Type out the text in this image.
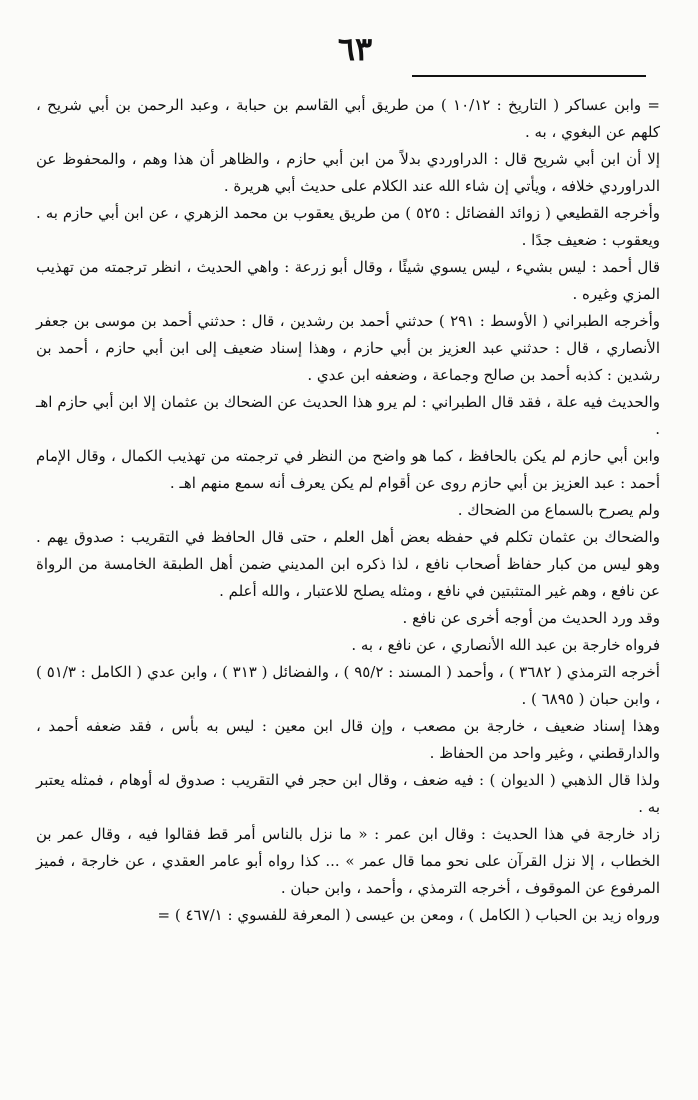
٦٣

= وابن عساكر ( التاريخ : ١٠/١٢ ) من طريق أبي القاسم بن حبابة ، وعبد الرحمن بن أبي شريح ، كلهم عن البغوي ، به .

إلا أن ابن أبي شريح قال : الدراوردي بدلاً من ابن أبي حازم ، والظاهر أن هذا وهم ، والمحفوظ عن الدراوردي خلافه ، ويأتي إن شاء الله عند الكلام على حديث أبي هريرة .

وأخرجه القطيعي ( زوائد الفضائل : ٥٢٥ ) من طريق يعقوب بن محمد الزهري ، عن ابن أبي حازم به . ويعقوب : ضعيف جدًا .

قال أحمد : ليس بشيء ، ليس يسوي شيئًا ، وقال أبو زرعة : واهي الحديث ، انظر ترجمته من تهذيب المزي وغيره .

وأخرجه الطبراني ( الأوسط : ٢٩١ ) حدثني أحمد بن رشدين ، قال : حدثني أحمد بن موسى بن جعفر الأنصاري ، قال : حدثني عبد العزيز بن أبي حازم ، وهذا إسناد ضعيف إلى ابن أبي حازم ، أحمد بن رشدين : كذبه أحمد بن صالح وجماعة ، وضعفه ابن عدي .

والحديث فيه علة ، فقد قال الطبراني : لم يرو هذا الحديث عن الضحاك بن عثمان إلا ابن أبي حازم اهـ .

وابن أبي حازم لم يكن بالحافظ ، كما هو واضح من النظر في ترجمته من تهذيب الكمال ، وقال الإمام أحمد : عبد العزيز بن أبي حازم روى عن أقوام لم يكن يعرف أنه سمع منهم اهـ .

ولم يصرح بالسماع من الضحاك .

والضحاك بن عثمان تكلم في حفظه بعض أهل العلم ، حتى قال الحافظ في التقريب : صدوق يهم . وهو ليس من كبار حفاظ أصحاب نافع ، لذا ذكره ابن المديني ضمن أهل الطبقة الخامسة من الرواة عن نافع ، وهم غير المتثبتين في نافع ، ومثله يصلح للاعتبار ، والله أعلم .

وقد ورد الحديث من أوجه أخرى عن نافع .

فرواه خارجة بن عبد الله الأنصاري ، عن نافع ، به .

أخرجه الترمذي ( ٣٦٨٢ ) ، وأحمد ( المسند : ٩٥/٢ ) ، والفضائل ( ٣١٣ ) ، وابن عدي ( الكامل : ٥١/٣ ) ، وابن حبان ( ٦٨٩٥ ) .

وهذا إسناد ضعيف ، خارجة بن مصعب ، وإن قال ابن معين : ليس به بأس ، فقد ضعفه أحمد ، والدارقطني ، وغير واحد من الحفاظ .

ولذا قال الذهبي ( الديوان ) : فيه ضعف ، وقال ابن حجر في التقريب : صدوق له أوهام ، فمثله يعتبر به .

زاد خارجة في هذا الحديث : وقال ابن عمر : « ما نزل بالناس أمر قط فقالوا فيه ، وقال عمر بن الخطاب ، إلا نزل القرآن على نحو مما قال عمر » ... كذا رواه أبو عامر العقدي ، عن خارجة ، فميز المرفوع عن الموقوف ، أخرجه الترمذي ، وأحمد ، وابن حبان .

ورواه زيد بن الحباب ( الكامل ) ، ومعن بن عيسى ( المعرفة للفسوي : ٤٦٧/١ ) =
